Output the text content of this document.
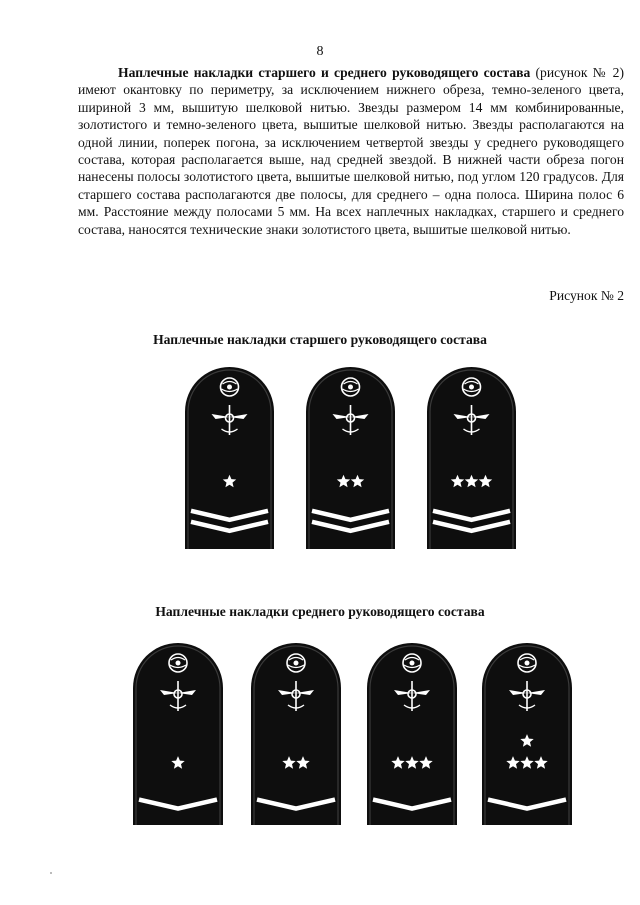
8

Наплечные накладки старшего и среднего руководящего состава (рисунок № 2) имеют окантовку по периметру, за исключением нижнего обреза, темно-зеленого цвета, шириной 3 мм, вышитую шелковой нитью. Звезды размером 14 мм комбинированные, золотистого и темно-зеленого цвета, вышитые шелковой нитью. Звезды располагаются на одной линии, поперек погона, за исключением четвертой звезды у среднего руководящего состава, которая располагается выше, над средней звездой. В нижней части обреза погон нанесены полосы золотистого цвета, вышитые шелковой нитью, под углом 120 градусов. Для старшего состава располагаются две полосы, для среднего – одна полоса. Ширина полос 6 мм. Расстояние между полосами 5 мм. На всех наплечных накладках, старшего и среднего состава, наносятся технические знаки золотистого цвета, вышитые шелковой нитью.

Рисунок № 2
Наплечные накладки старшего руководящего состава
Наплечные накладки среднего руководящего состава
